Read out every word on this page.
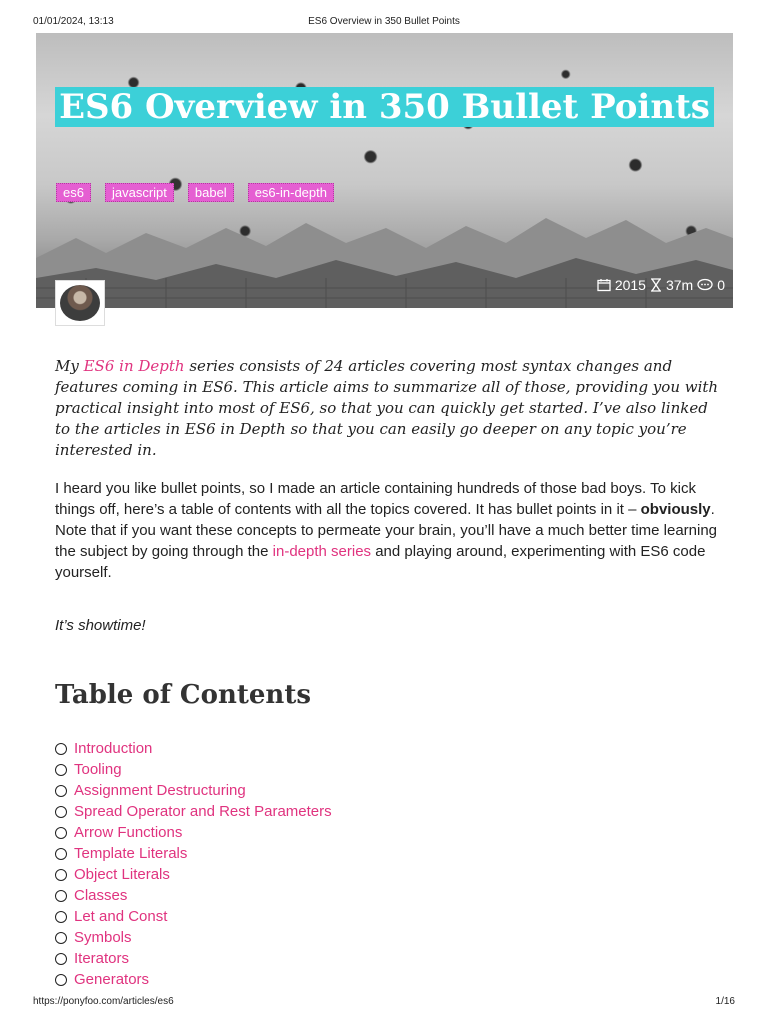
01/01/2024, 13:13	ES6 Overview in 350 Bullet Points
ES6 Overview in 350 Bullet Points
es6	javascript	babel	es6-in-depth
2015 37m 0

My ES6 in Depth series consists of 24 articles covering most syntax changes and features coming in ES6. This article aims to summarize all of those, providing you with practical insight into most of ES6, so that you can quickly get started. I’ve also linked to the articles in ES6 in Depth so that you can easily go deeper on any topic you’re interested in.

I heard you like bullet points, so I made an article containing hundreds of those bad boys. To kick things off, here’s a table of contents with all the topics covered. It has bullet points in it – obviously. Note that if you want these concepts to permeate your brain, you’ll have a much better time learning the subject by going through the in-depth series and playing around, experimenting with ES6 code yourself.

It’s showtime!

Table of Contents
Introduction
Tooling
Assignment Destructuring
Spread Operator and Rest Parameters
Arrow Functions
Template Literals
Object Literals
Classes
Let and Const
Symbols
Iterators
Generators
https://ponyfoo.com/articles/es6	1/16
